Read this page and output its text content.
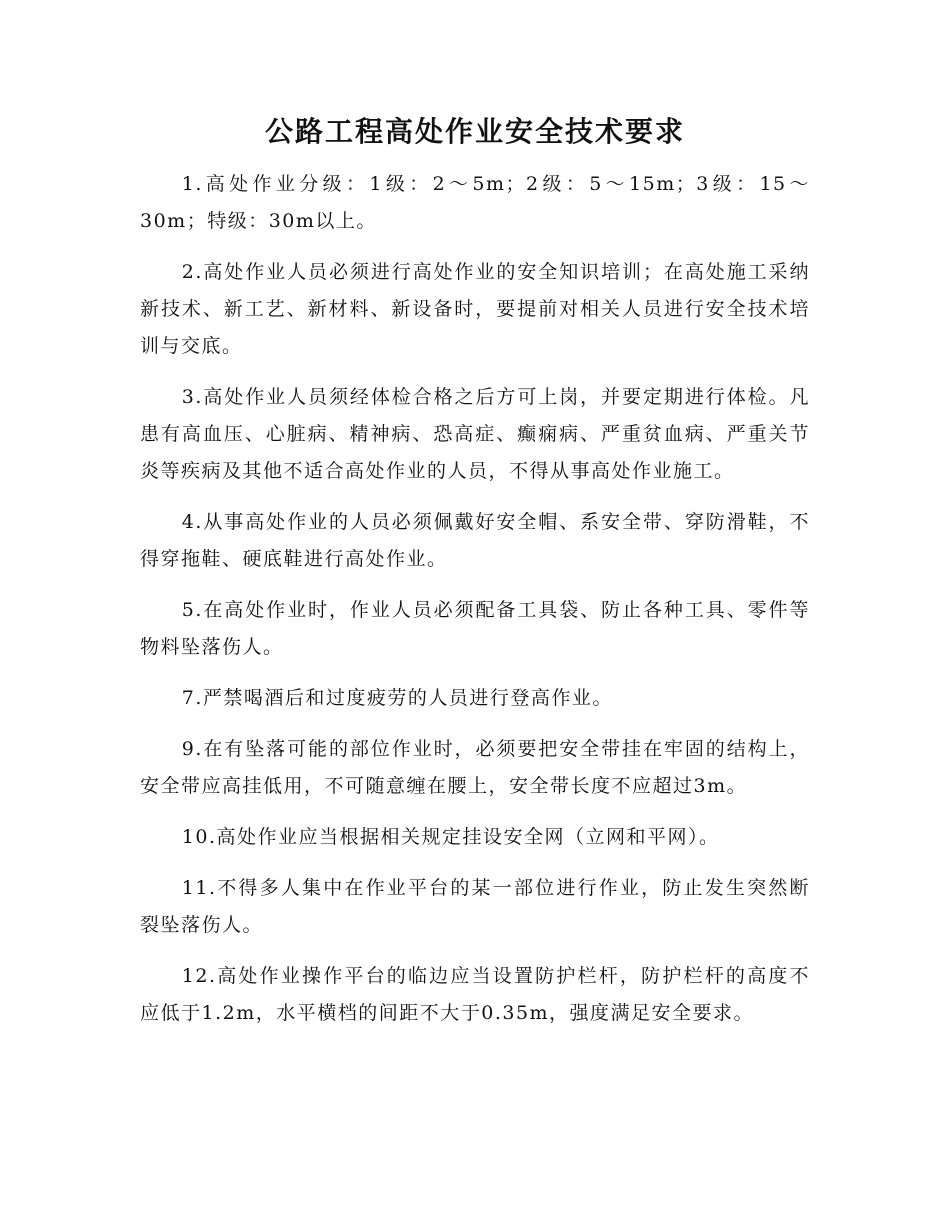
公路工程高处作业安全技术要求

1.高处作业分级：1级：2～5m；2级：5～15m；3级：15～30m；特级：30m以上。

2.高处作业人员必须进行高处作业的安全知识培训；在高处施工采纳新技术、新工艺、新材料、新设备时，要提前对相关人员进行安全技术培训与交底。

3.高处作业人员须经体检合格之后方可上岗，并要定期进行体检。凡患有高血压、心脏病、精神病、恐高症、癫痫病、严重贫血病、严重关节炎等疾病及其他不适合高处作业的人员，不得从事高处作业施工。

4.从事高处作业的人员必须佩戴好安全帽、系安全带、穿防滑鞋，不得穿拖鞋、硬底鞋进行高处作业。

5.在高处作业时，作业人员必须配备工具袋、防止各种工具、零件等物料坠落伤人。

7.严禁喝酒后和过度疲劳的人员进行登高作业。

9.在有坠落可能的部位作业时，必须要把安全带挂在牢固的结构上，安全带应高挂低用，不可随意缠在腰上，安全带长度不应超过3m。

10.高处作业应当根据相关规定挂设安全网（立网和平网）。

11.不得多人集中在作业平台的某一部位进行作业，防止发生突然断裂坠落伤人。

12.高处作业操作平台的临边应当设置防护栏杆，防护栏杆的高度不应低于1.2m，水平横档的间距不大于0.35m，强度满足安全要求。
